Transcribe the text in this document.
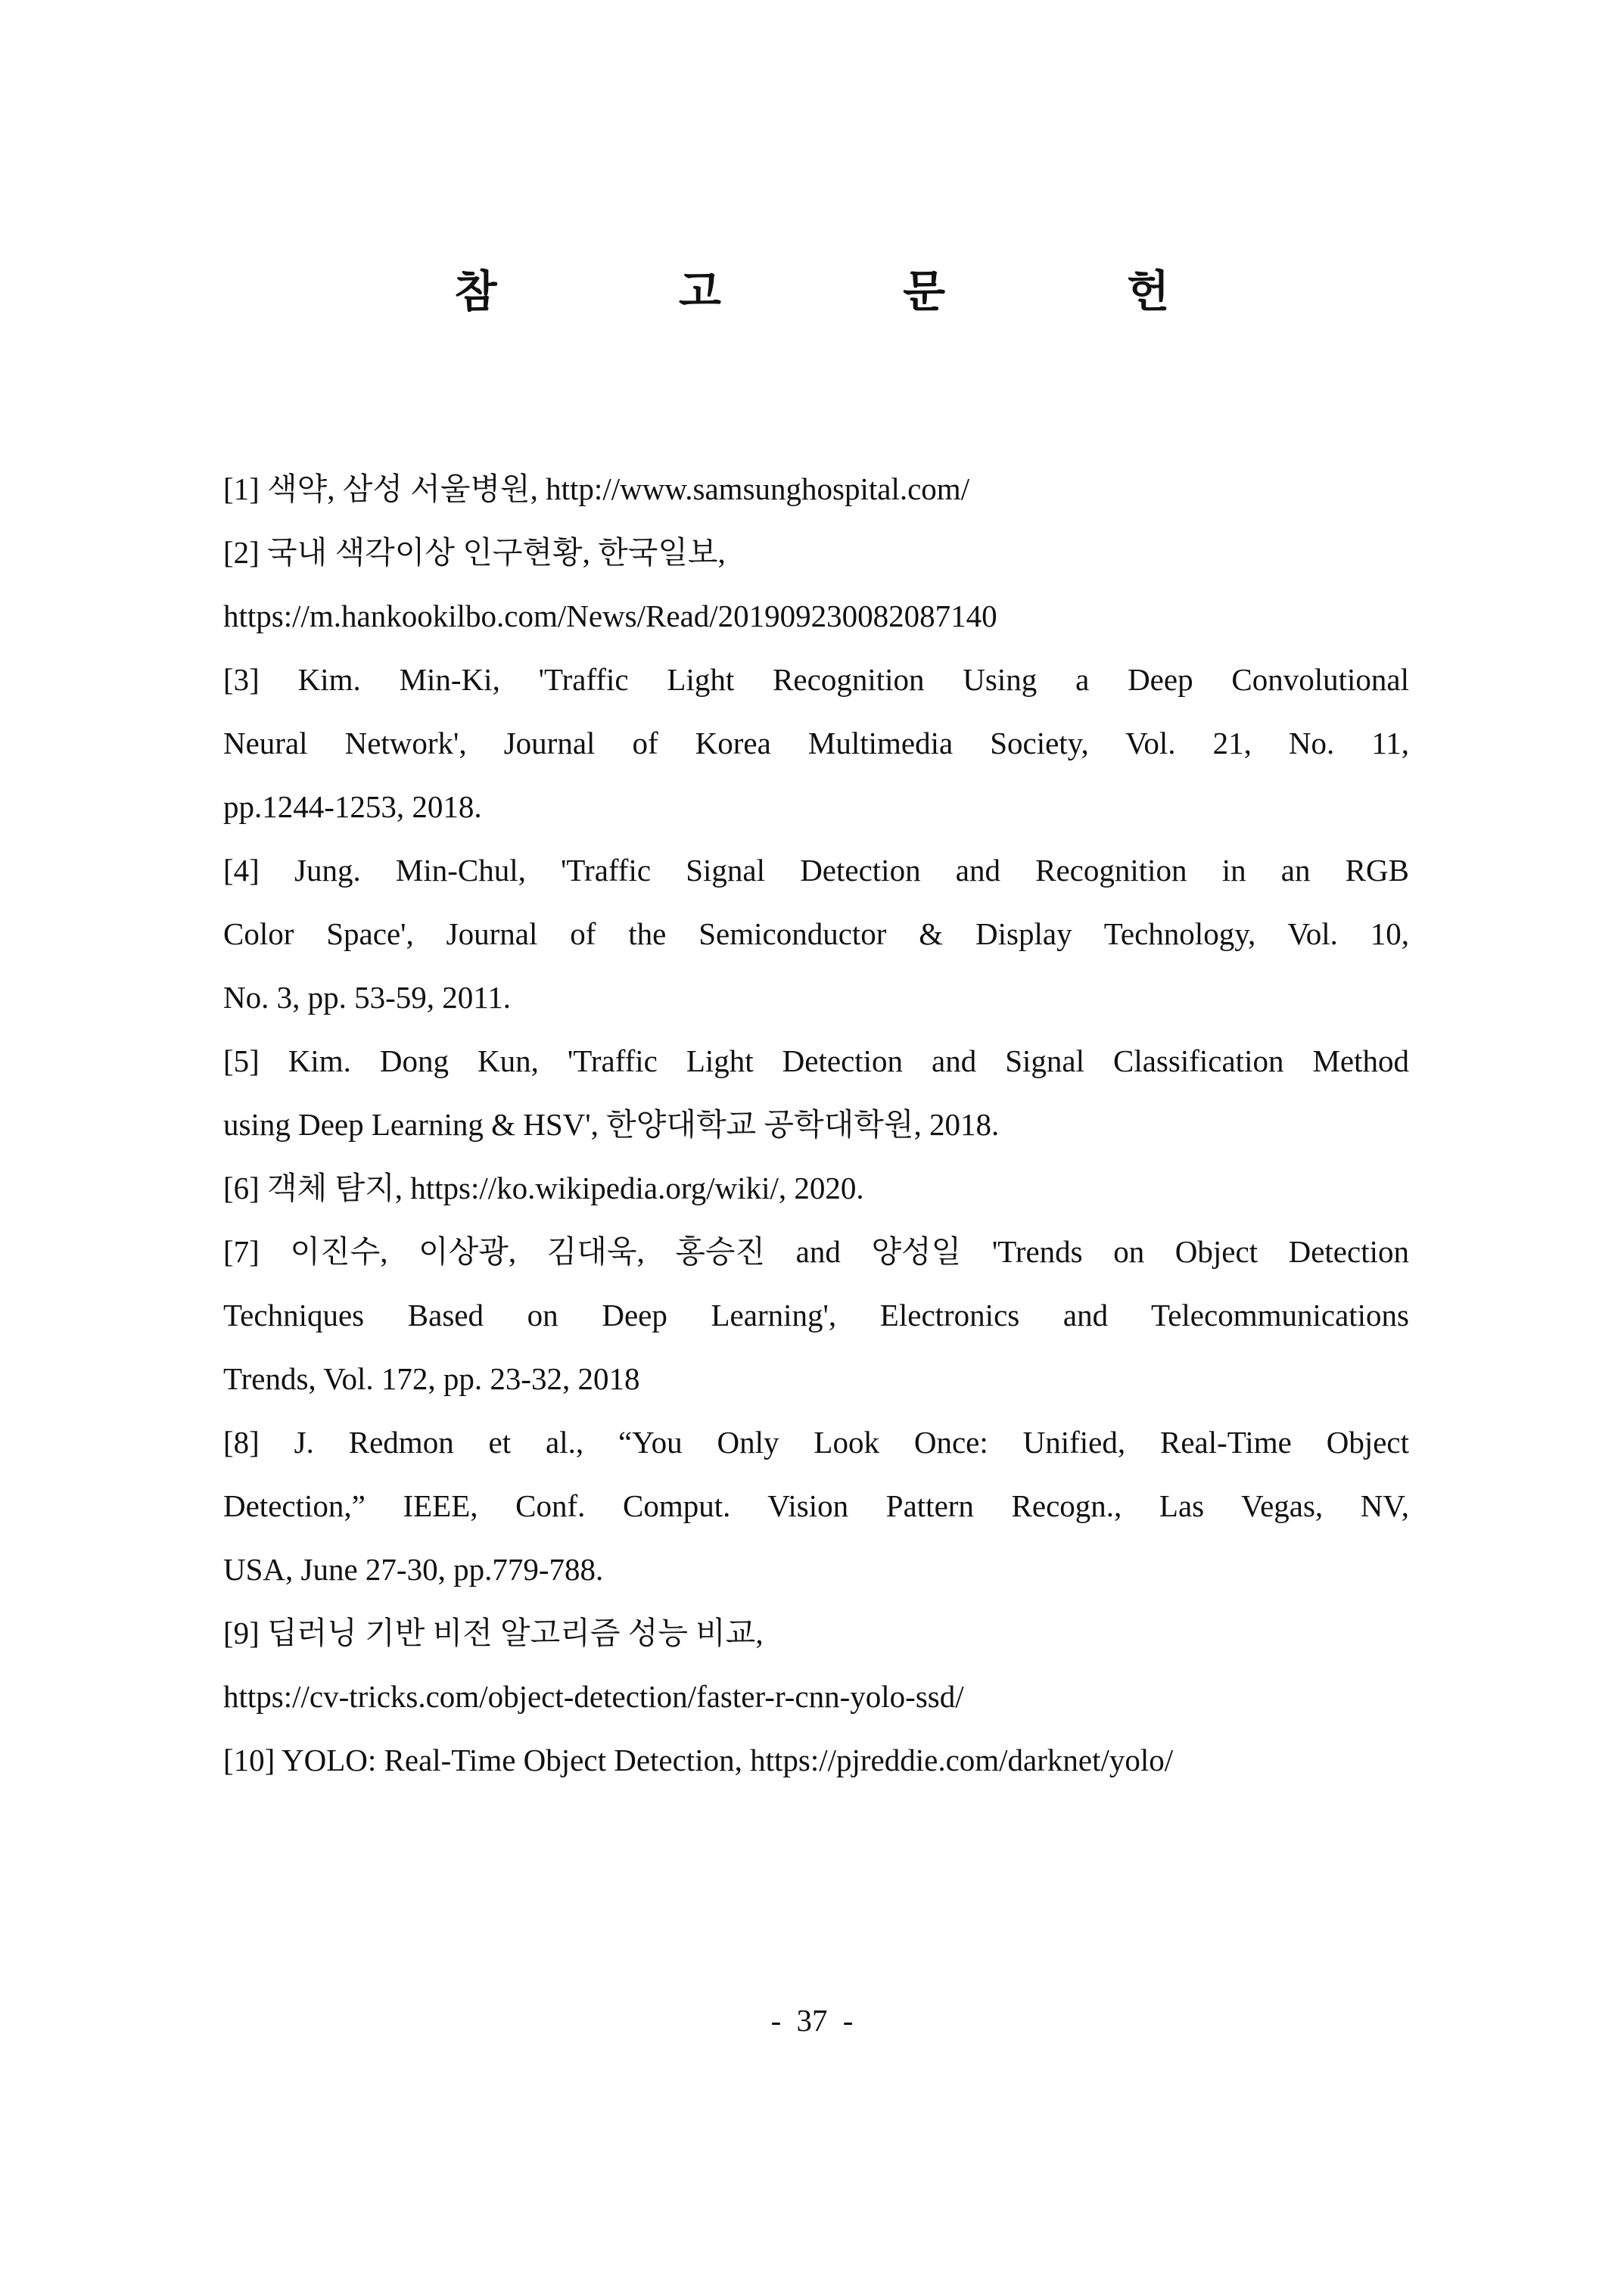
참 고 문 헌
[1] 색약, 삼성 서울병원, http://www.samsunghospital.com/
[2] 국내 색각이상 인구현황, 한국일보,
https://m.hankookilbo.com/News/Read/201909230082087140
[3] Kim. Min-Ki, 'Traffic Light Recognition Using a Deep Convolutional
Neural Network', Journal of Korea Multimedia Society, Vol. 21, No. 11,
pp.1244-1253, 2018.
[4] Jung. Min-Chul, 'Traffic Signal Detection and Recognition in an RGB
Color Space', Journal of the Semiconductor & Display Technology, Vol. 10,
No. 3, pp. 53-59, 2011.
[5] Kim. Dong Kun, 'Traffic Light Detection and Signal Classification Method
using Deep Learning & HSV', 한양대학교 공학대학원, 2018.
[6] 객체 탐지, https://ko.wikipedia.org/wiki/, 2020.
[7] 이진수, 이상광, 김대욱, 홍승진 and 양성일 'Trends on Object Detection
Techniques Based on Deep Learning', Electronics and Telecommunications
Trends, Vol. 172, pp. 23-32, 2018
[8] J. Redmon et al., “You Only Look Once: Unified, Real-Time Object
Detection,” IEEE, Conf. Comput. Vision Pattern Recogn., Las Vegas, NV,
USA, June 27-30, pp.779-788.
[9] 딥러닝 기반 비전 알고리즘 성능 비교,
https://cv-tricks.com/object-detection/faster-r-cnn-yolo-ssd/
[10] YOLO: Real-Time Object Detection, https://pjreddie.com/darknet/yolo/
- 37 -
